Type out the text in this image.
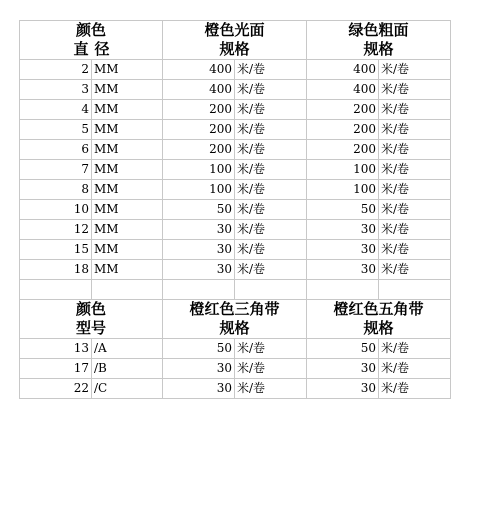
颜色		橙色光面		绿色粗面	
直	径	规格		规格	
2	MM	400	米/卷	400	米/卷
3	MM	400	米/卷	400	米/卷
4	MM	200	米/卷	200	米/卷
5	MM	200	米/卷	200	米/卷
6	MM	200	米/卷	200	米/卷
7	MM	100	米/卷	100	米/卷
8	MM	100	米/卷	100	米/卷
10	MM	50	米/卷	50	米/卷
12	MM	30	米/卷	30	米/卷
15	MM	30	米/卷	30	米/卷
18	MM	30	米/卷	30	米/卷

颜色		橙红色三角带		橙红色五角带	
型号		规格		规格	
13	/A	50	米/卷	50	米/卷
17	/B	30	米/卷	30	米/卷
22	/C	30	米/卷	30	米/卷
